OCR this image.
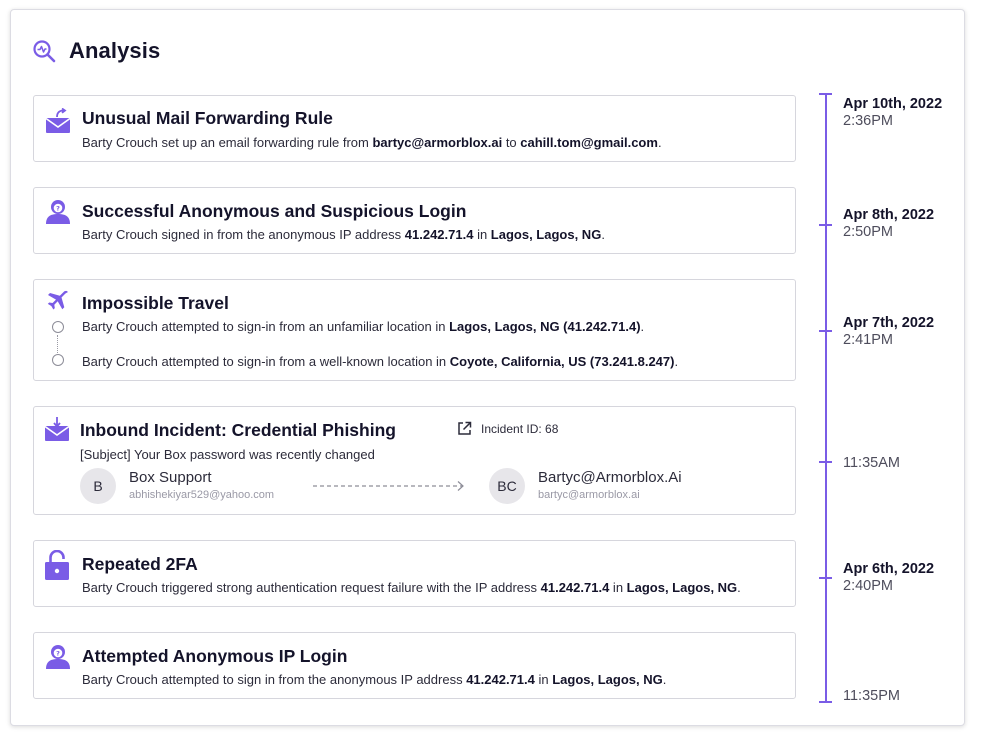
Analysis
Unusual Mail Forwarding Rule
Barty Crouch set up an email forwarding rule from bartyc@armorblox.ai to cahill.tom@gmail.com.
? Successful Anonymous and Suspicious Login
Barty Crouch signed in from the anonymous IP address 41.242.71.4 in Lagos, Lagos, NG.
Impossible Travel
Barty Crouch attempted to sign-in from an unfamiliar location in Lagos, Lagos, NG (41.242.71.4).
Barty Crouch attempted to sign-in from a well-known location in Coyote, California, US (73.241.8.247).
Inbound Incident: Credential Phishing	Incident ID: 68
[Subject] Your Box password was recently changed
B	Box Support
abhishekiyar529@yahoo.com
BC	Bartyc@Armorblox.Ai
bartyc@armorblox.ai
Repeated 2FA
Barty Crouch triggered strong authentication request failure with the IP address 41.242.71.4 in Lagos, Lagos, NG.
? Attempted Anonymous IP Login
Barty Crouch attempted to sign in from the anonymous IP address 41.242.71.4 in Lagos, Lagos, NG.
Apr 10th, 2022
2:36PM
Apr 8th, 2022
2:50PM
Apr 7th, 2022
2:41PM
11:35AM
Apr 6th, 2022
2:40PM
11:35PM
